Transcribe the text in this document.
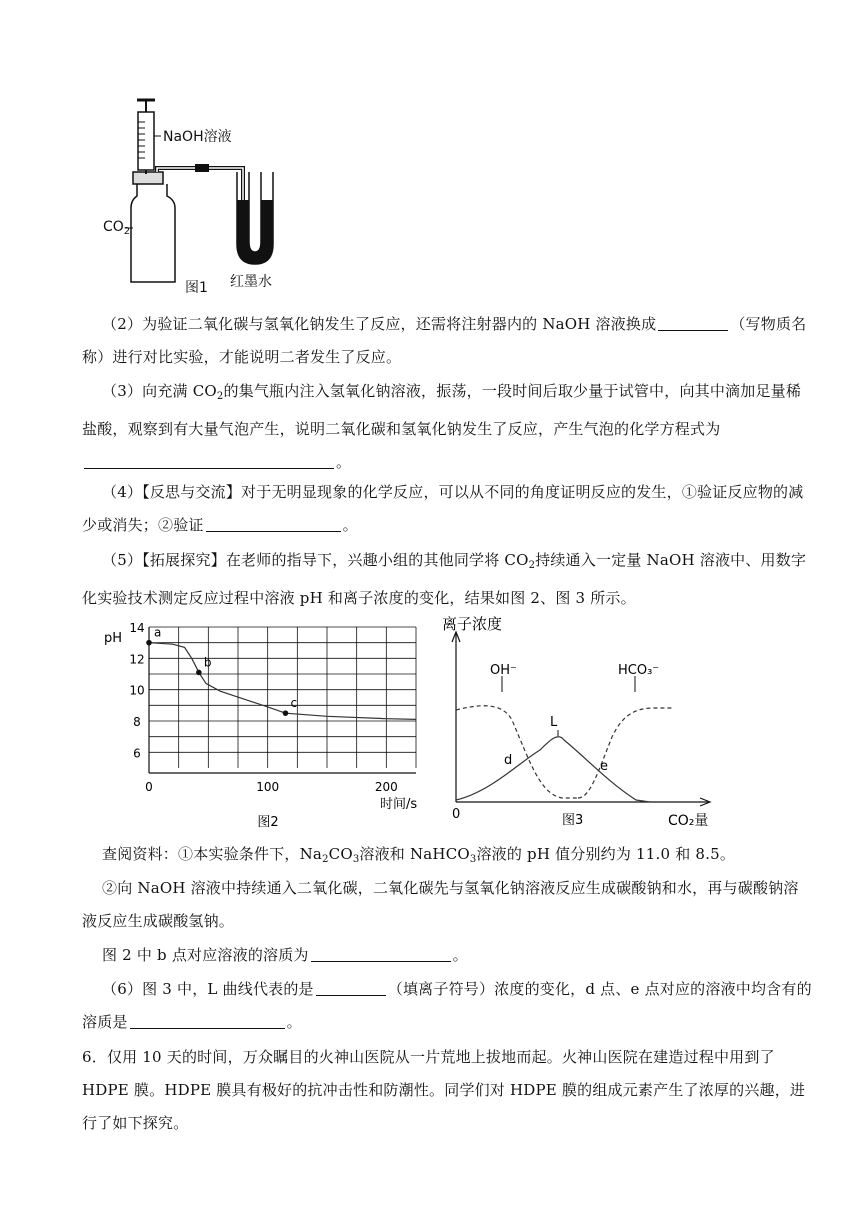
NaOH溶液
$CO_2$
红墨水
图1
（2）为验证二氧化碳与氢氧化钠发生了反应，还需将注射器内的 NaOH 溶液换成	（写物质名称）进行对比实验，才能说明二者发生了反应。
（3）向充满 $CO_2$的集气瓶内注入氢氧化钠溶液，振荡，一段时间后取少量于试管中，向其中滴加足量稀盐酸，观察到有大量气泡产生，说明二氧化碳和氢氧化钠发生了反应，产生气泡的化学方程式为。
（4）【反思与交流】对于无明显现象的化学反应，可以从不同的角度证明反应的发生，①验证反应物的减少或消失；②验证	。
（5）【拓展探究】在老师的指导下，兴趣小组的其他同学将 $CO_2$持续通入一定量 NaOH 溶液中、用数字化实验技术测定反应过程中溶液 pH 和离子浓度的变化，结果如图 2、图 3 所示。
6
8
10
12
14
0	100	200
pH
时间/s
图2
a
b
c
离子浓度
CO₂量
0	图3
OH⁻
L
HCO₃⁻
d	e
查阅资料：①本实验条件下，$Na_2CO_3$溶液和 NaHCO$_3$溶液的 pH 值分别约为 11.0 和 8.5。
②向 NaOH 溶液中持续通入二氧化碳，二氧化碳先与氢氧化钠溶液反应生成碳酸钠和水，再与碳酸钠溶液反应生成碳酸氢钠。
图 2 中 b 点对应溶液的溶质为	。
（6）图 3 中，L 曲线代表的是	（填离子符号）浓度的变化，d 点、e 点对应的溶液中均含有的溶质是	。
6．仅用 10 天的时间，万众瞩目的火神山医院从一片荒地上拔地而起。火神山医院在建造过程中用到了 HDPE 膜。HDPE 膜具有极好的抗冲击性和防潮性。同学们对 HDPE 膜的组成元素产生了浓厚的兴趣，进行了如下探究。
